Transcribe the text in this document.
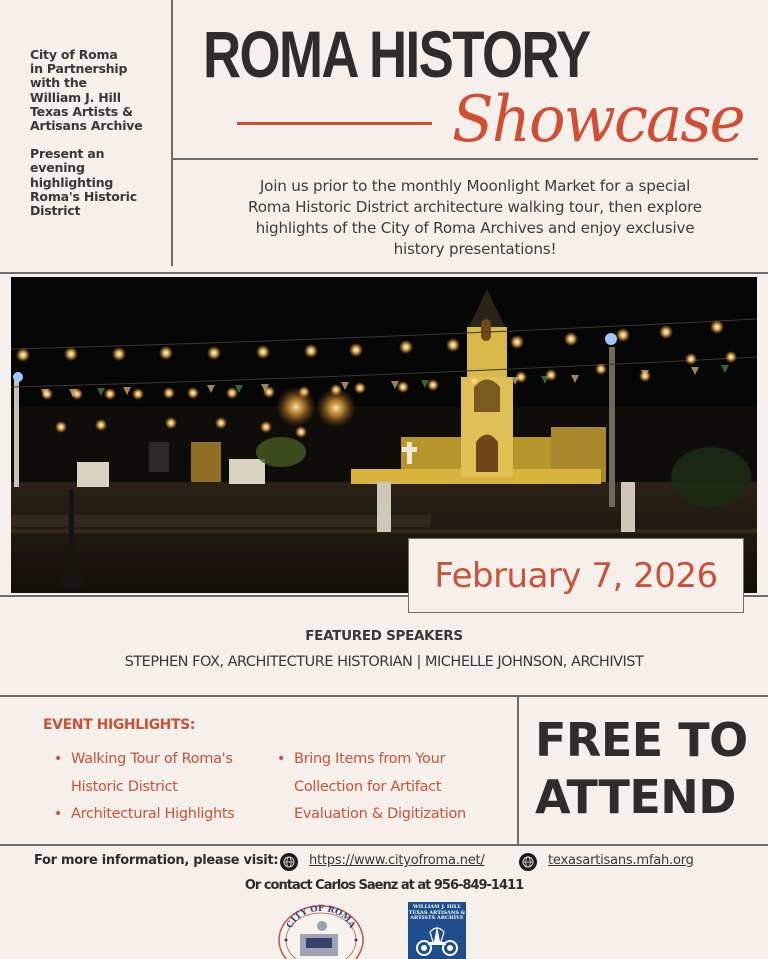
City of Roma
in Partnership
with the
William J. Hill
Texas Artists &
Artisans Archive

Present an
evening
highlighting
Roma's Historic
District

ROMA HISTORY
Showcase
Join us prior to the monthly Moonlight Market for a special Roma Historic District architecture walking tour, then explore highlights of the City of Roma Archives and enjoy exclusive history presentations!
February 7, 2026
FEATURED SPEAKERS
STEPHEN FOX, ARCHITECTURE HISTORIAN | MICHELLE JOHNSON, ARCHIVIST
EVENT HIGHLIGHTS:
• Walking Tour of Roma's
Historic District
• Architectural Highlights
• Bring Items from Your
Collection for Artifact
Evaluation & Digitization
FREE TO
ATTEND
For more information, please visit: https://www.cityofroma.net/	texasartisans.mfah.org
Or contact Carlos Saenz at at 956-849-1411
CITY OF ROMA
WILLIAM J. HILL
TEXAS ARTISANS &
ARTISTS ARCHIVE
